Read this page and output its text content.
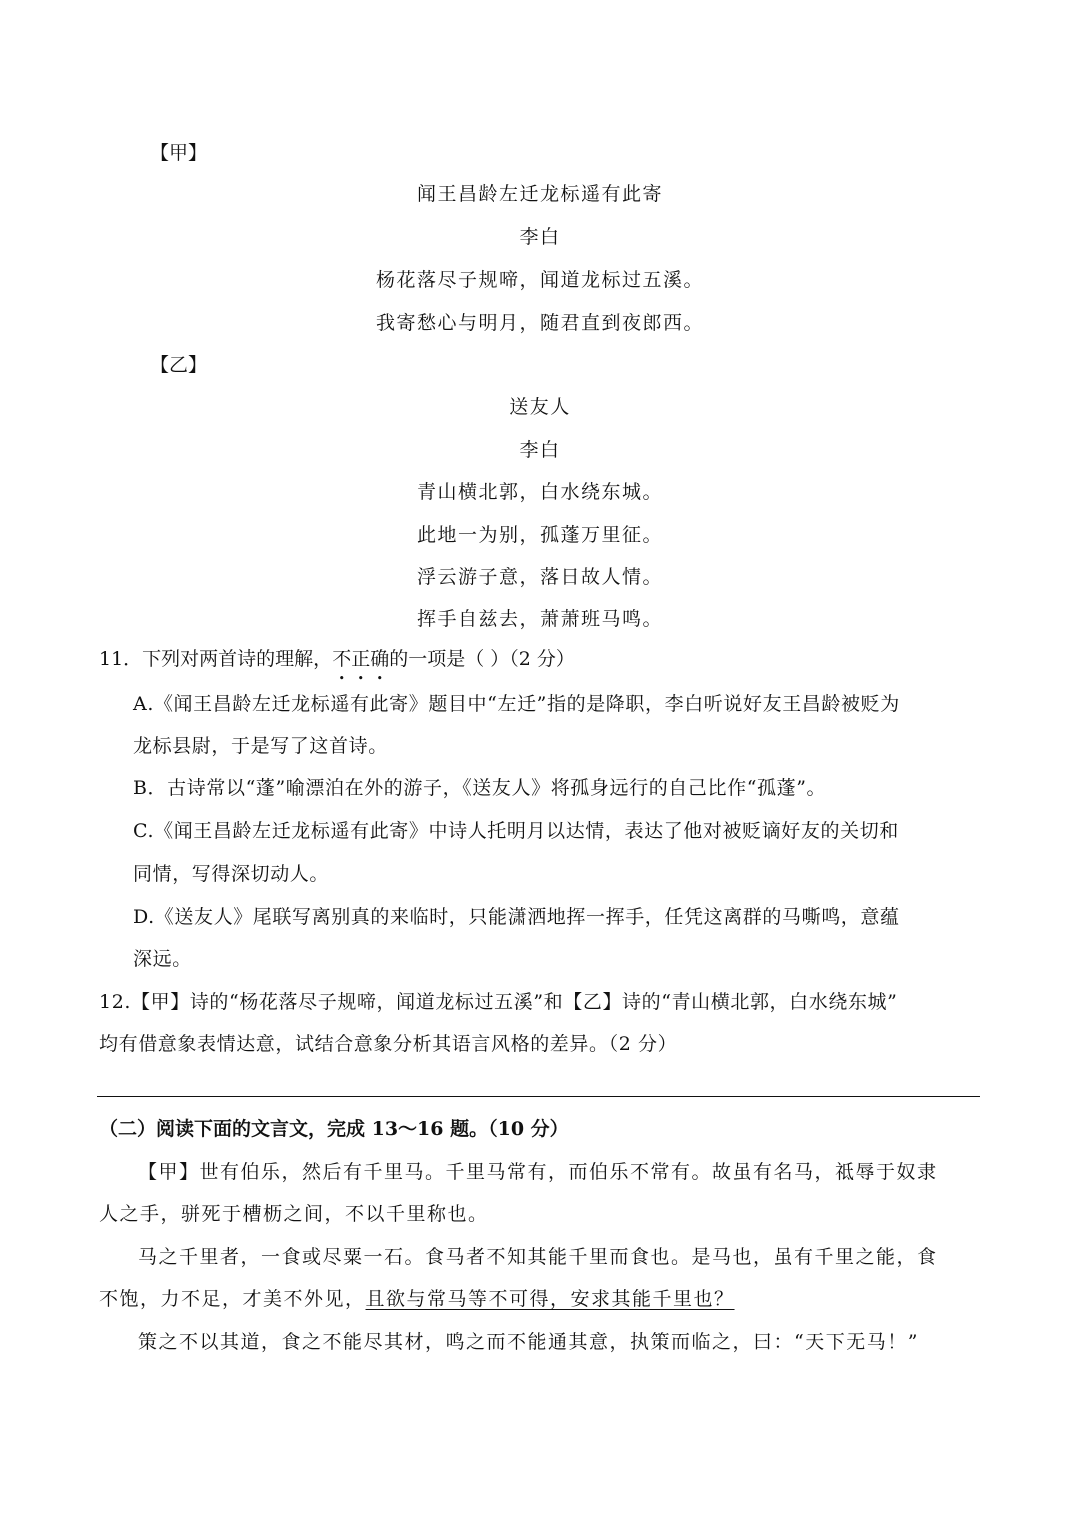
【甲】
闻王昌龄左迁龙标遥有此寄
李白
杨花落尽子规啼，闻道龙标过五溪。
我寄愁心与明月，随君直到夜郎西。
【乙】
送友人
李白
青山横北郭，白水绕东城。
此地一为别，孤蓬万里征。
浮云游子意，落日故人情。
挥手自兹去，萧萧班马鸣。
11．下列对两首诗的理解，不正确的一项是（ ）（2 分）
A.《闻王昌龄左迁龙标遥有此寄》题目中“左迁”指的是降职，李白听说好友王昌龄被贬为
龙标县尉，于是写了这首诗。
B．古诗常以“蓬”喻漂泊在外的游子，《送友人》将孤身远行的自己比作“孤蓬”。
C.《闻王昌龄左迁龙标遥有此寄》中诗人托明月以达情，表达了他对被贬谪好友的关切和
同情，写得深切动人。
D.《送友人》尾联写离别真的来临时，只能潇洒地挥一挥手，任凭这离群的马嘶鸣，意蕴
深远。
12.【甲】诗的“杨花落尽子规啼，闻道龙标过五溪”和【乙】诗的“青山横北郭，白水绕东城”
均有借意象表情达意，试结合意象分析其语言风格的差异。（2 分）
（二）阅读下面的文言文，完成 13～16 题。（10 分）
【甲】世有伯乐，然后有千里马。千里马常有，而伯乐不常有。故虽有名马，祗辱于奴隶
人之手，骈死于槽枥之间，不以千里称也。
马之千里者，一食或尽粟一石。食马者不知其能千里而食也。是马也，虽有千里之能，食
不饱，力不足，才美不外见，且欲与常马等不可得，安求其能千里也？
策之不以其道，食之不能尽其材，鸣之而不能通其意，执策而临之，曰：“天下无马！”
